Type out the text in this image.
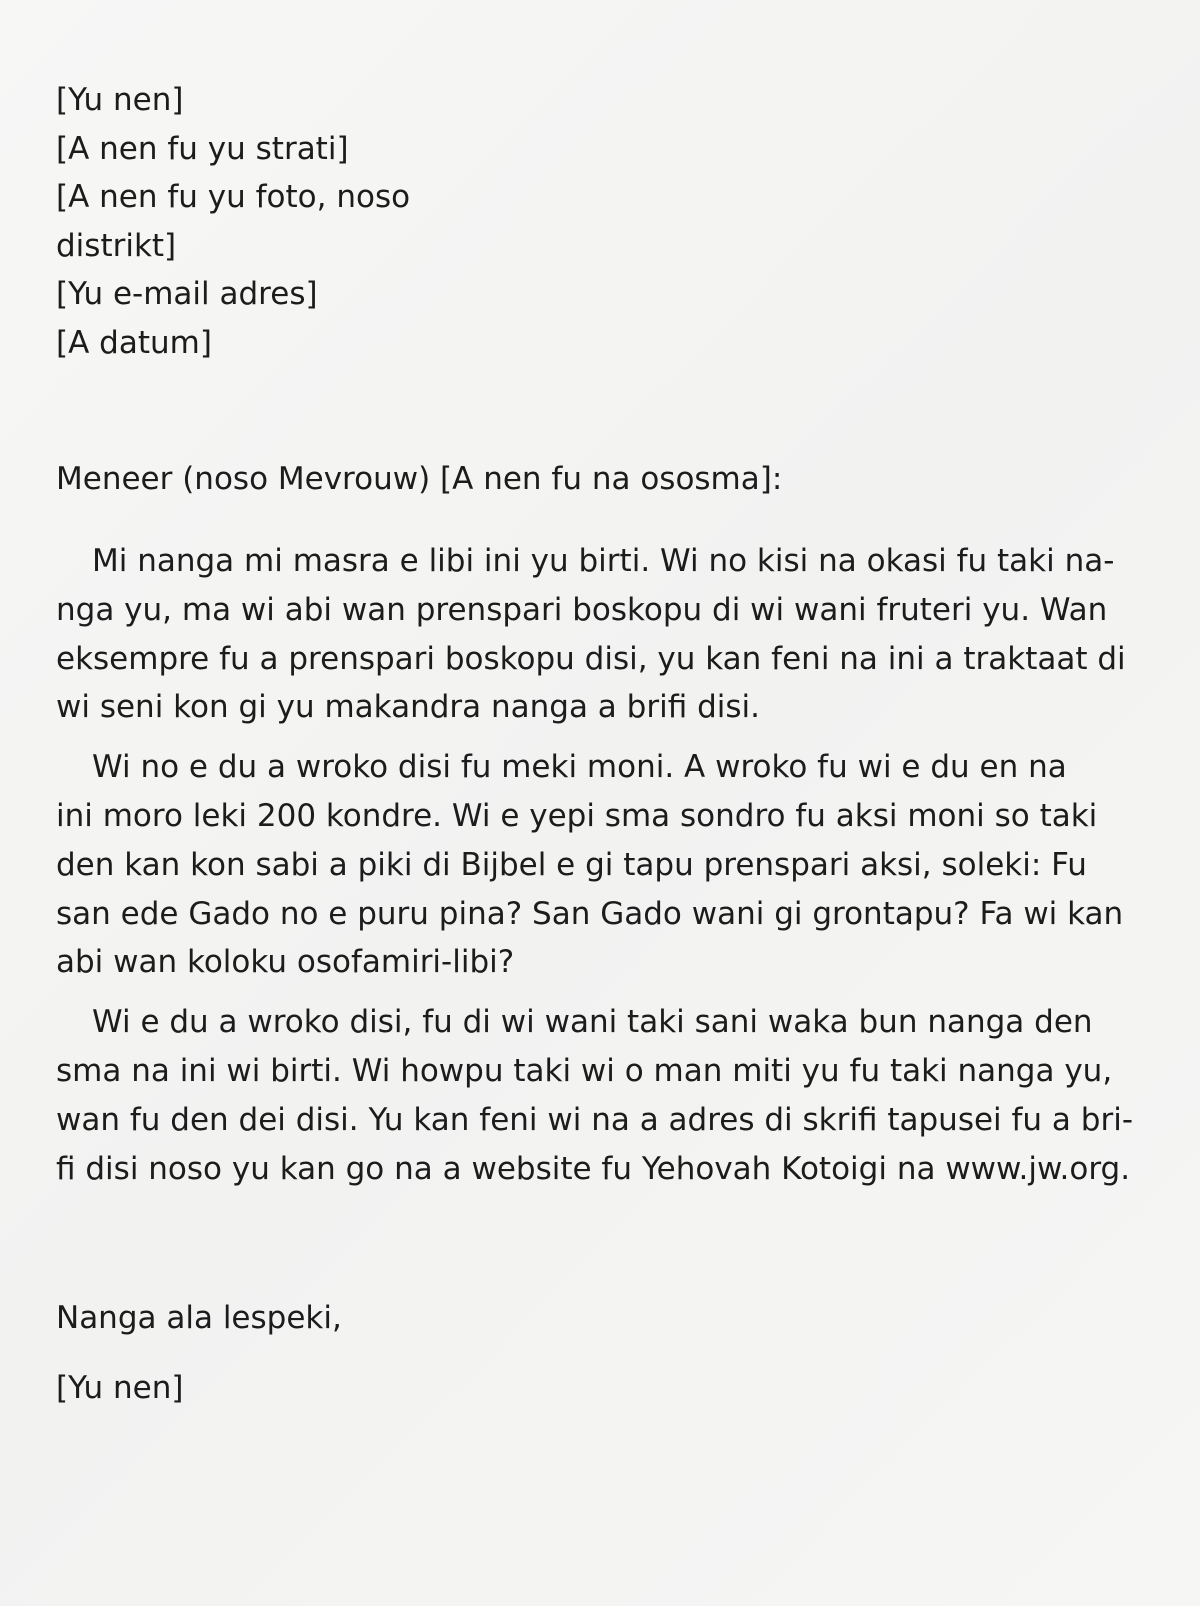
[Yu nen]
[A nen fu yu strati]
[A nen fu yu foto, noso
distrikt]
[Yu e-mail adres]
[A datum]
Meneer (noso Mevrouw) [A nen fu na ososma]:

Mi nanga mi masra e libi ini yu birti. Wi no kisi na okasi fu taki na-
nga yu, ma wi abi wan prenspari boskopu di wi wani fruteri yu. Wan
eksempre fu a prenspari boskopu disi, yu kan feni na ini a traktaat di
wi seni kon gi yu makandra nanga a brifi disi.

Wi no e du a wroko disi fu meki moni. A wroko fu wi e du en na
ini moro leki 200 kondre. Wi e yepi sma sondro fu aksi moni so taki
den kan kon sabi a piki di Bijbel e gi tapu prenspari aksi, soleki: Fu
san ede Gado no e puru pina? San Gado wani gi grontapu? Fa wi kan
abi wan koloku osofamiri-libi?

Wi e du a wroko disi, fu di wi wani taki sani waka bun nanga den
sma na ini wi birti. Wi howpu taki wi o man miti yu fu taki nanga yu,
wan fu den dei disi. Yu kan feni wi na a adres di skrifi tapusei fu a bri-
fi disi noso yu kan go na a website fu Yehovah Kotoigi na www.jw.org.

Nanga ala lespeki,
[Yu nen]
